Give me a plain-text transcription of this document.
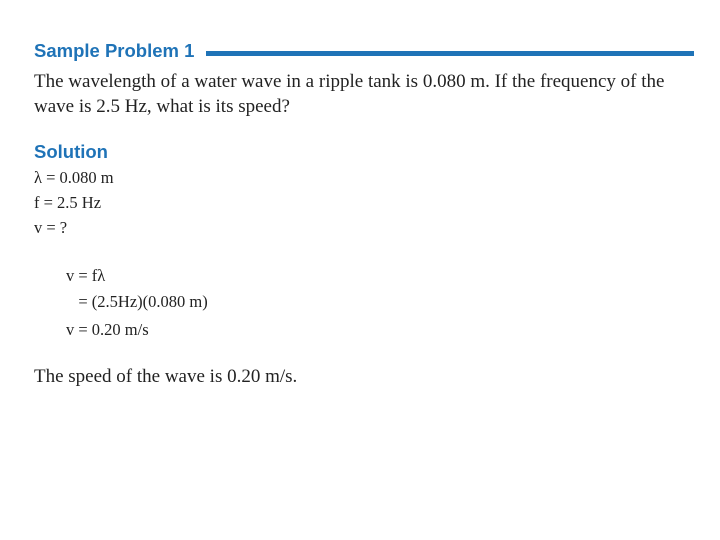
Sample Problem 1
The wavelength of a water wave in a ripple tank is 0.080 m. If the frequency of the wave is 2.5 Hz, what is its speed?
Solution
λ = 0.080 m
f = 2.5 Hz
v = ?
v = fλ
= (2.5Hz)(0.080 m)
v = 0.20 m/s
The speed of the wave is 0.20 m/s.
